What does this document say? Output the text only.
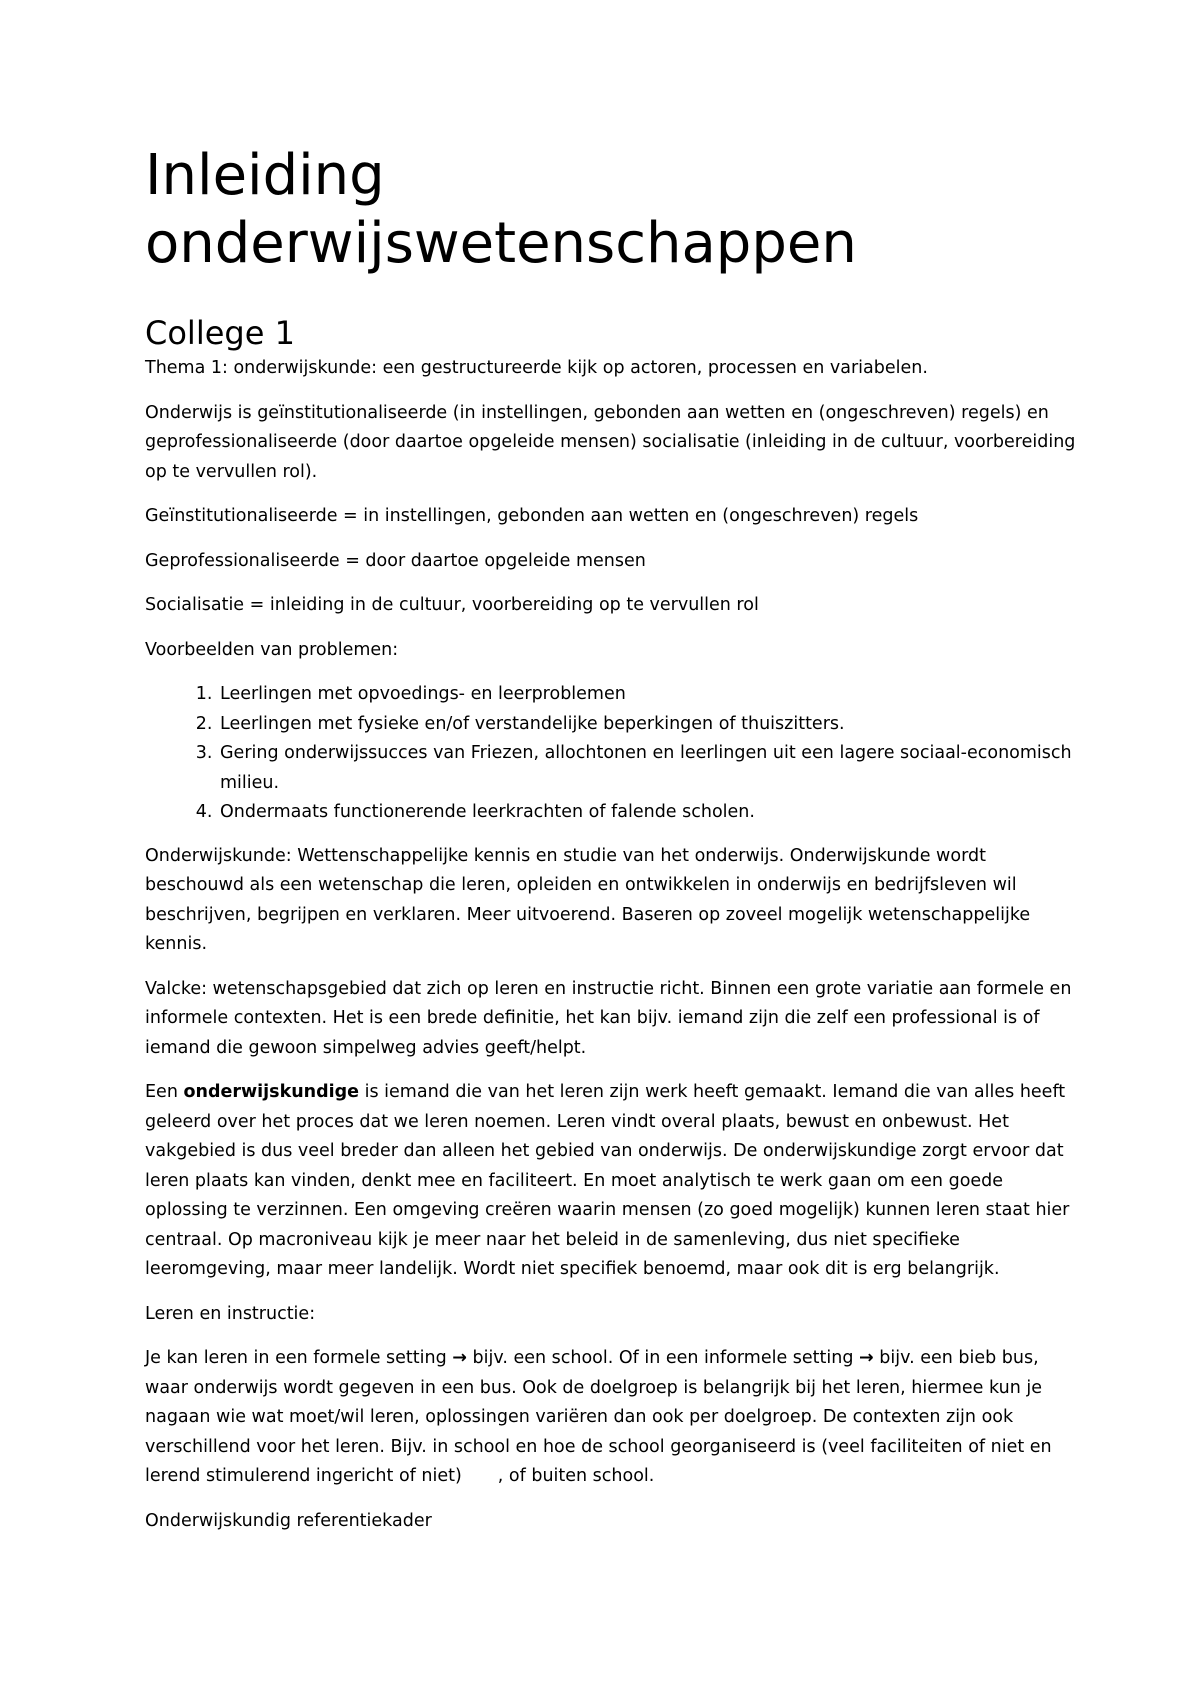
Inleiding
onderwijswetenschappen
College 1

Thema 1: onderwijskunde: een gestructureerde kijk op actoren, processen en variabelen.

Onderwijs is geïnstitutionaliseerde (in instellingen, gebonden aan wetten en (ongeschreven) regels) en geprofessionaliseerde (door daartoe opgeleide mensen) socialisatie (inleiding in de cultuur, voorbereiding op te vervullen rol).

Geïnstitutionaliseerde = in instellingen, gebonden aan wetten en (ongeschreven) regels

Geprofessionaliseerde = door daartoe opgeleide mensen

Socialisatie = inleiding in de cultuur, voorbereiding op te vervullen rol

Voorbeelden van problemen:

1. Leerlingen met opvoedings- en leerproblemen
2. Leerlingen met fysieke en/of verstandelijke beperkingen of thuiszitters.
3. Gering onderwijssucces van Friezen, allochtonen en leerlingen uit een lagere sociaal-economisch milieu.
4. Ondermaats functionerende leerkrachten of falende scholen.

Onderwijskunde: Wettenschappelijke kennis en studie van het onderwijs. Onderwijskunde wordt beschouwd als een wetenschap die leren, opleiden en ontwikkelen in onderwijs en bedrijfsleven wil beschrijven, begrijpen en verklaren. Meer uitvoerend. Baseren op zoveel mogelijk wetenschappelijke kennis.

Valcke: wetenschapsgebied dat zich op leren en instructie richt. Binnen een grote variatie aan formele en informele contexten. Het is een brede definitie, het kan bijv. iemand zijn die zelf een professional is of iemand die gewoon simpelweg advies geeft/helpt.

Een onderwijskundige is iemand die van het leren zijn werk heeft gemaakt. Iemand die van alles heeft geleerd over het proces dat we leren noemen. Leren vindt overal plaats, bewust en onbewust. Het vakgebied is dus veel breder dan alleen het gebied van onderwijs. De onderwijskundige zorgt ervoor dat leren plaats kan vinden, denkt mee en faciliteert. En moet analytisch te werk gaan om een goede oplossing te verzinnen. Een omgeving creëren waarin mensen (zo goed mogelijk) kunnen leren staat hier centraal. Op macroniveau kijk je meer naar het beleid in de samenleving, dus niet specifieke leeromgeving, maar meer landelijk. Wordt niet specifiek benoemd, maar ook dit is erg belangrijk.

Leren en instructie:

Je kan leren in een formele setting → bijv. een school. Of in een informele setting → bijv. een bieb bus, waar onderwijs wordt gegeven in een bus. Ook de doelgroep is belangrijk bij het leren, hiermee kun je nagaan wie wat moet/wil leren, oplossingen variëren dan ook per doelgroep. De contexten zijn ook verschillend voor het leren. Bijv. in school en hoe de school georganiseerd is (veel faciliteiten of niet en lerend stimulerend ingericht of niet) , of buiten school.

Onderwijskundig referentiekader
